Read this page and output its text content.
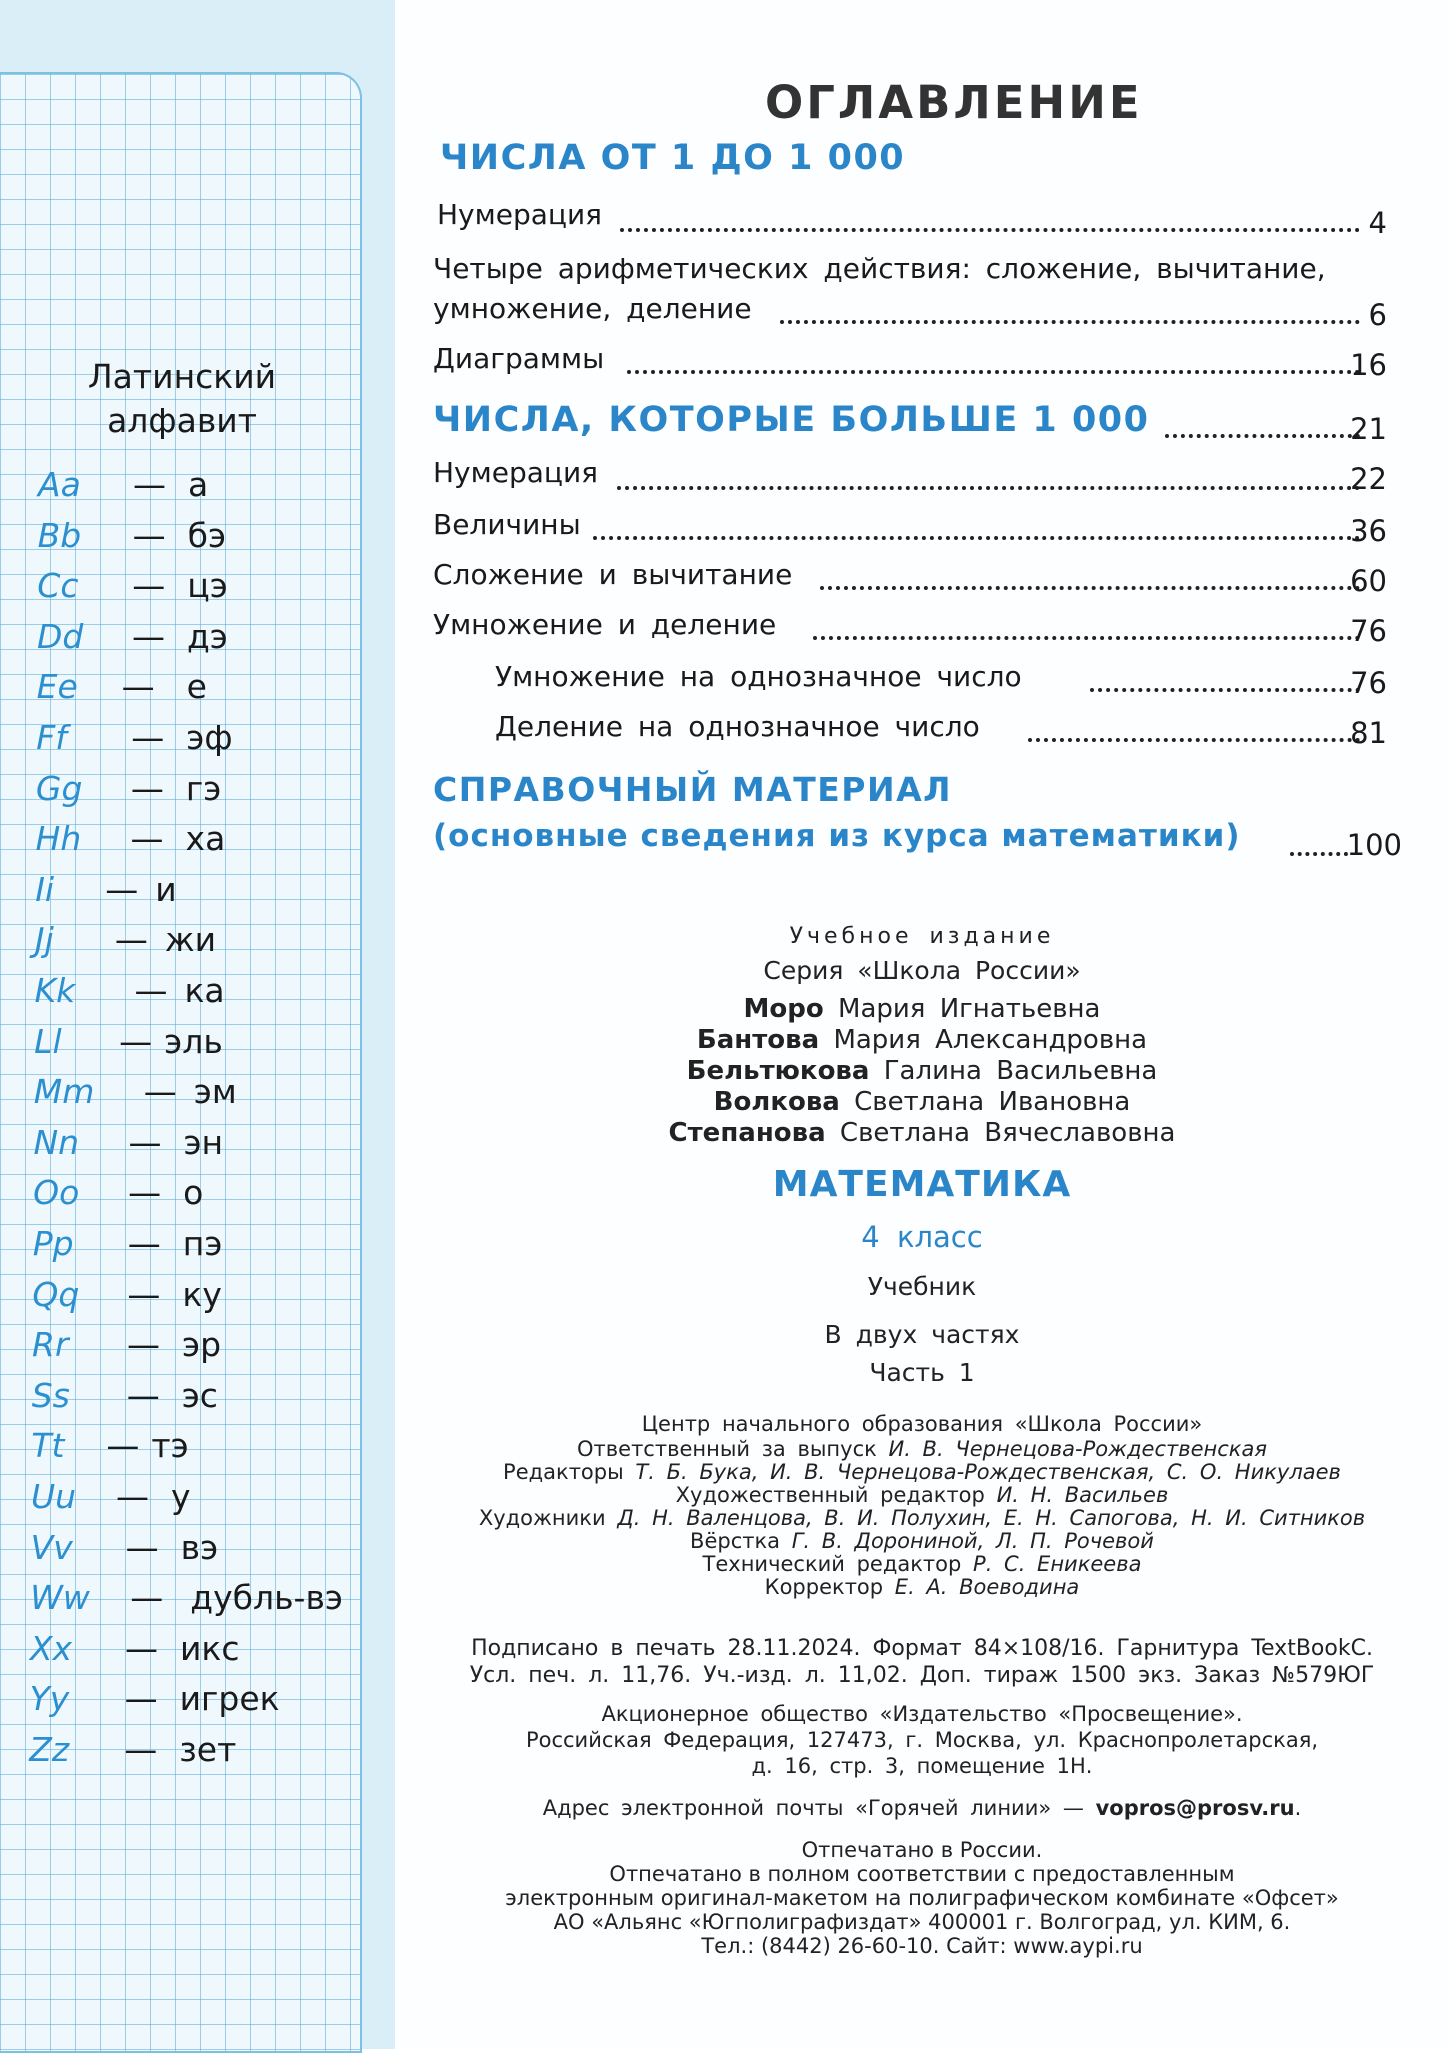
Латинский
алфавит
Aa — а
Bb — бэ
Cc — цэ
Dd — дэ
Ee — е
Ff — эф
Gg — гэ
Hh — ха
Ii — и
Jj — жи
Kk — ка
Ll — эль
Mm — эм
Nn — эн
Oo — о
Pp — пэ
Qq — ку
Rr — эр
Ss — эс
Tt — тэ
Uu — у
Vv — вэ
Ww — дубль-вэ
Xx — икс
Yy — игрек
Zz — зет
ОГЛАВЛЕНИЕ
ЧИСЛА ОТ 1 ДО 1 000
Нумерация	4
Четыре арифметических действия: сложение, вычитание,
умножение, деление	6
Диаграммы	16
ЧИСЛА, КОТОРЫЕ БОЛЬШЕ 1 000	21
Нумерация	22
Величины	36
Сложение и вычитание	60
Умножение и деление	76
Умножение на однозначное число	76
Деление на однозначное число	81
СПРАВОЧНЫЙ МАТЕРИАЛ
(основные сведения из курса математики)	100
Учебное издание
Серия «Школа России»
Моро Мария Игнатьевна
Бантова Мария Александровна
Бельтюкова Галина Васильевна
Волкова Светлана Ивановна
Степанова Светлана Вячеславовна
МАТЕМАТИКА
4 класс
Учебник
В двух частях
Часть 1
Центр начального образования «Школа России»
Ответственный за выпуск И. В. Чернецова-Рождественская
Редакторы Т. Б. Бука, И. В. Чернецова-Рождественская, С. О. Никулаев
Художественный редактор И. Н. Васильев
Художники Д. Н. Валенцова, В. И. Полухин, Е. Н. Сапогова, Н. И. Ситников
Вёрстка Г. В. Дорониной, Л. П. Рочевой
Технический редактор Р. С. Еникеева
Корректор Е. А. Воеводина
Подписано в печать 28.11.2024. Формат 84×108/16. Гарнитура TextBookC.
Усл. печ. л. 11,76. Уч.-изд. л. 11,02. Доп. тираж 1500 экз. Заказ №579ЮГ
Акционерное общество «Издательство «Просвещение».
Российская Федерация, 127473, г. Москва, ул. Краснопролетарская,
д. 16, стр. 3, помещение 1Н.
Адрес электронной почты «Горячей линии» — vopros@prosv.ru.
Отпечатано в России.
Отпечатано в полном соответствии с предоставленным
электронным оригинал-макетом на полиграфическом комбинате «Офсет»
АО «Альянс «Югполиграфиздат» 400001 г. Волгоград, ул. КИМ, 6.
Тел.: (8442) 26-60-10. Сайт: www.aypi.ru
